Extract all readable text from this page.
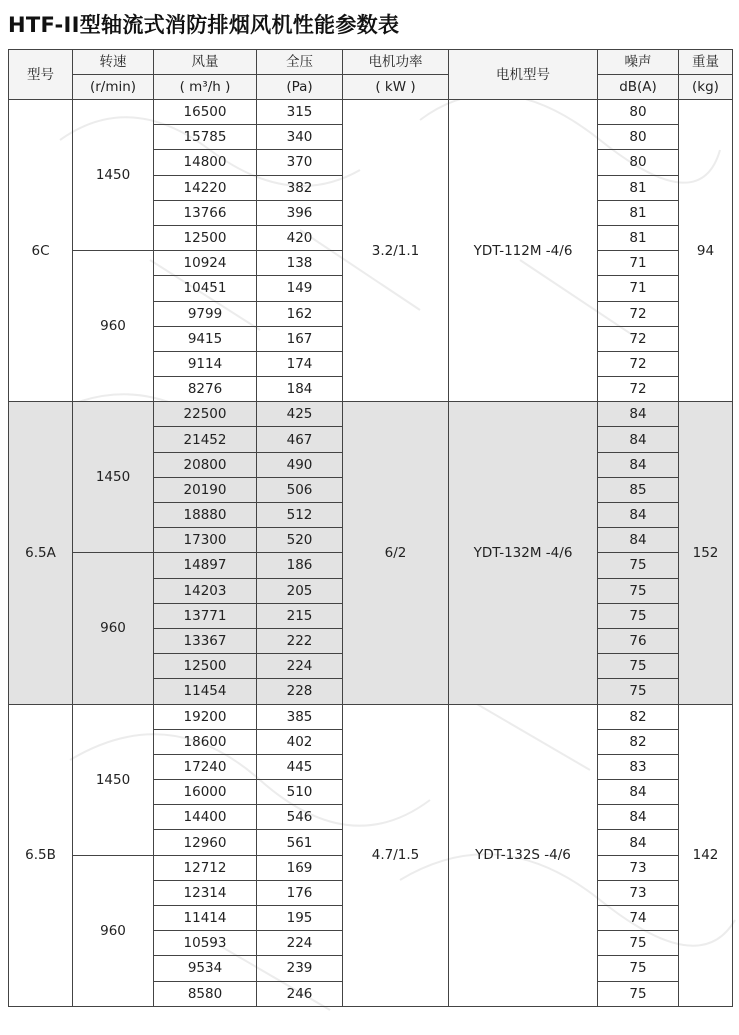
HTF-II型轴流式消防排烟风机性能参数表
型号	转速	风量	全压	电机功率	电机型号	噪声	重量
	(r/min)	( m³/h )	(Pa)	( kW )		dB(A)	(kg)
6C	1450	16500	315	3.2/1.1	YDT-112M -4/6	80	94
		15785	340			80	
		14800	370			80	
		14220	382			81	
		13766	396			81	
		12500	420			81	
	960	10924	138			71	
		10451	149			71	
		9799	162			72	
		9415	167			72	
		9114	174			72	
		8276	184			72	
6.5A	1450	22500	425	6/2	YDT-132M -4/6	84	152
		21452	467			84	
		20800	490			84	
		20190	506			85	
		18880	512			84	
		17300	520			84	
	960	14897	186			75	
		14203	205			75	
		13771	215			75	
		13367	222			76	
		12500	224			75	
		11454	228			75	
6.5B	1450	19200	385	4.7/1.5	YDT-132S -4/6	82	142
		18600	402			82	
		17240	445			83	
		16000	510			84	
		14400	546			84	
		12960	561			84	
	960	12712	169			73	
		12314	176			73	
		11414	195			74	
		10593	224			75	
		9534	239			75	
		8580	246			75	
